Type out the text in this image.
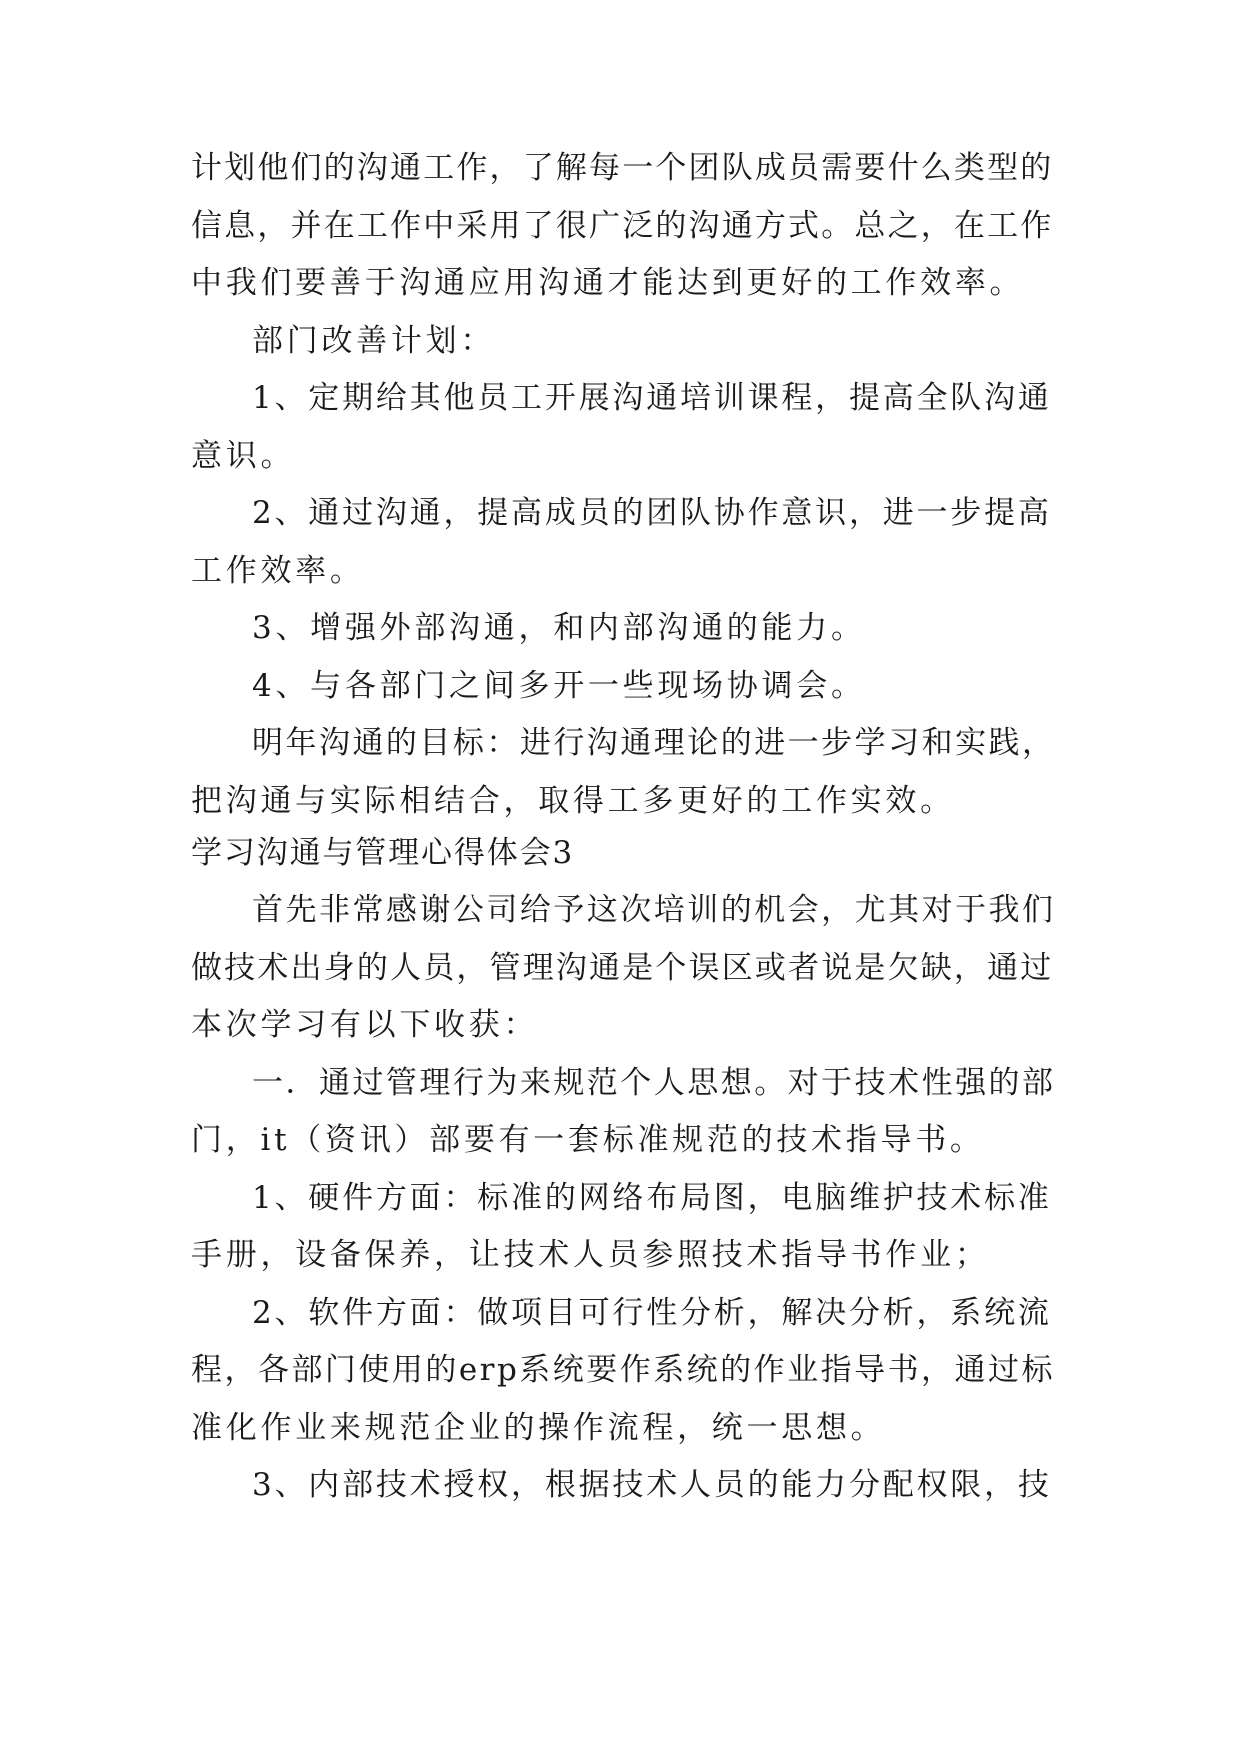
计划他们的沟通工作，了解每一个团队成员需要什么类型的

信息，并在工作中采用了很广泛的沟通方式。总之，在工作

中我们要善于沟通应用沟通才能达到更好的工作效率。

部门改善计划：

1、定期给其他员工开展沟通培训课程，提高全队沟通

意识。

2、通过沟通，提高成员的团队协作意识，进一步提高

工作效率。

3、增强外部沟通，和内部沟通的能力。

4、与各部门之间多开一些现场协调会。

明年沟通的目标：进行沟通理论的进一步学习和实践，

把沟通与实际相结合，取得工多更好的工作实效。

学习沟通与管理心得体会3

首先非常感谢公司给予这次培训的机会，尤其对于我们

做技术出身的人员，管理沟通是个误区或者说是欠缺，通过

本次学习有以下收获：

一．通过管理行为来规范个人思想。对于技术性强的部

门，it（资讯）部要有一套标准规范的技术指导书。

1、硬件方面：标准的网络布局图，电脑维护技术标准

手册，设备保养，让技术人员参照技术指导书作业；

2、软件方面：做项目可行性分析，解决分析，系统流

程，各部门使用的erp系统要作系统的作业指导书，通过标

准化作业来规范企业的操作流程，统一思想。

3、内部技术授权，根据技术人员的能力分配权限，技
